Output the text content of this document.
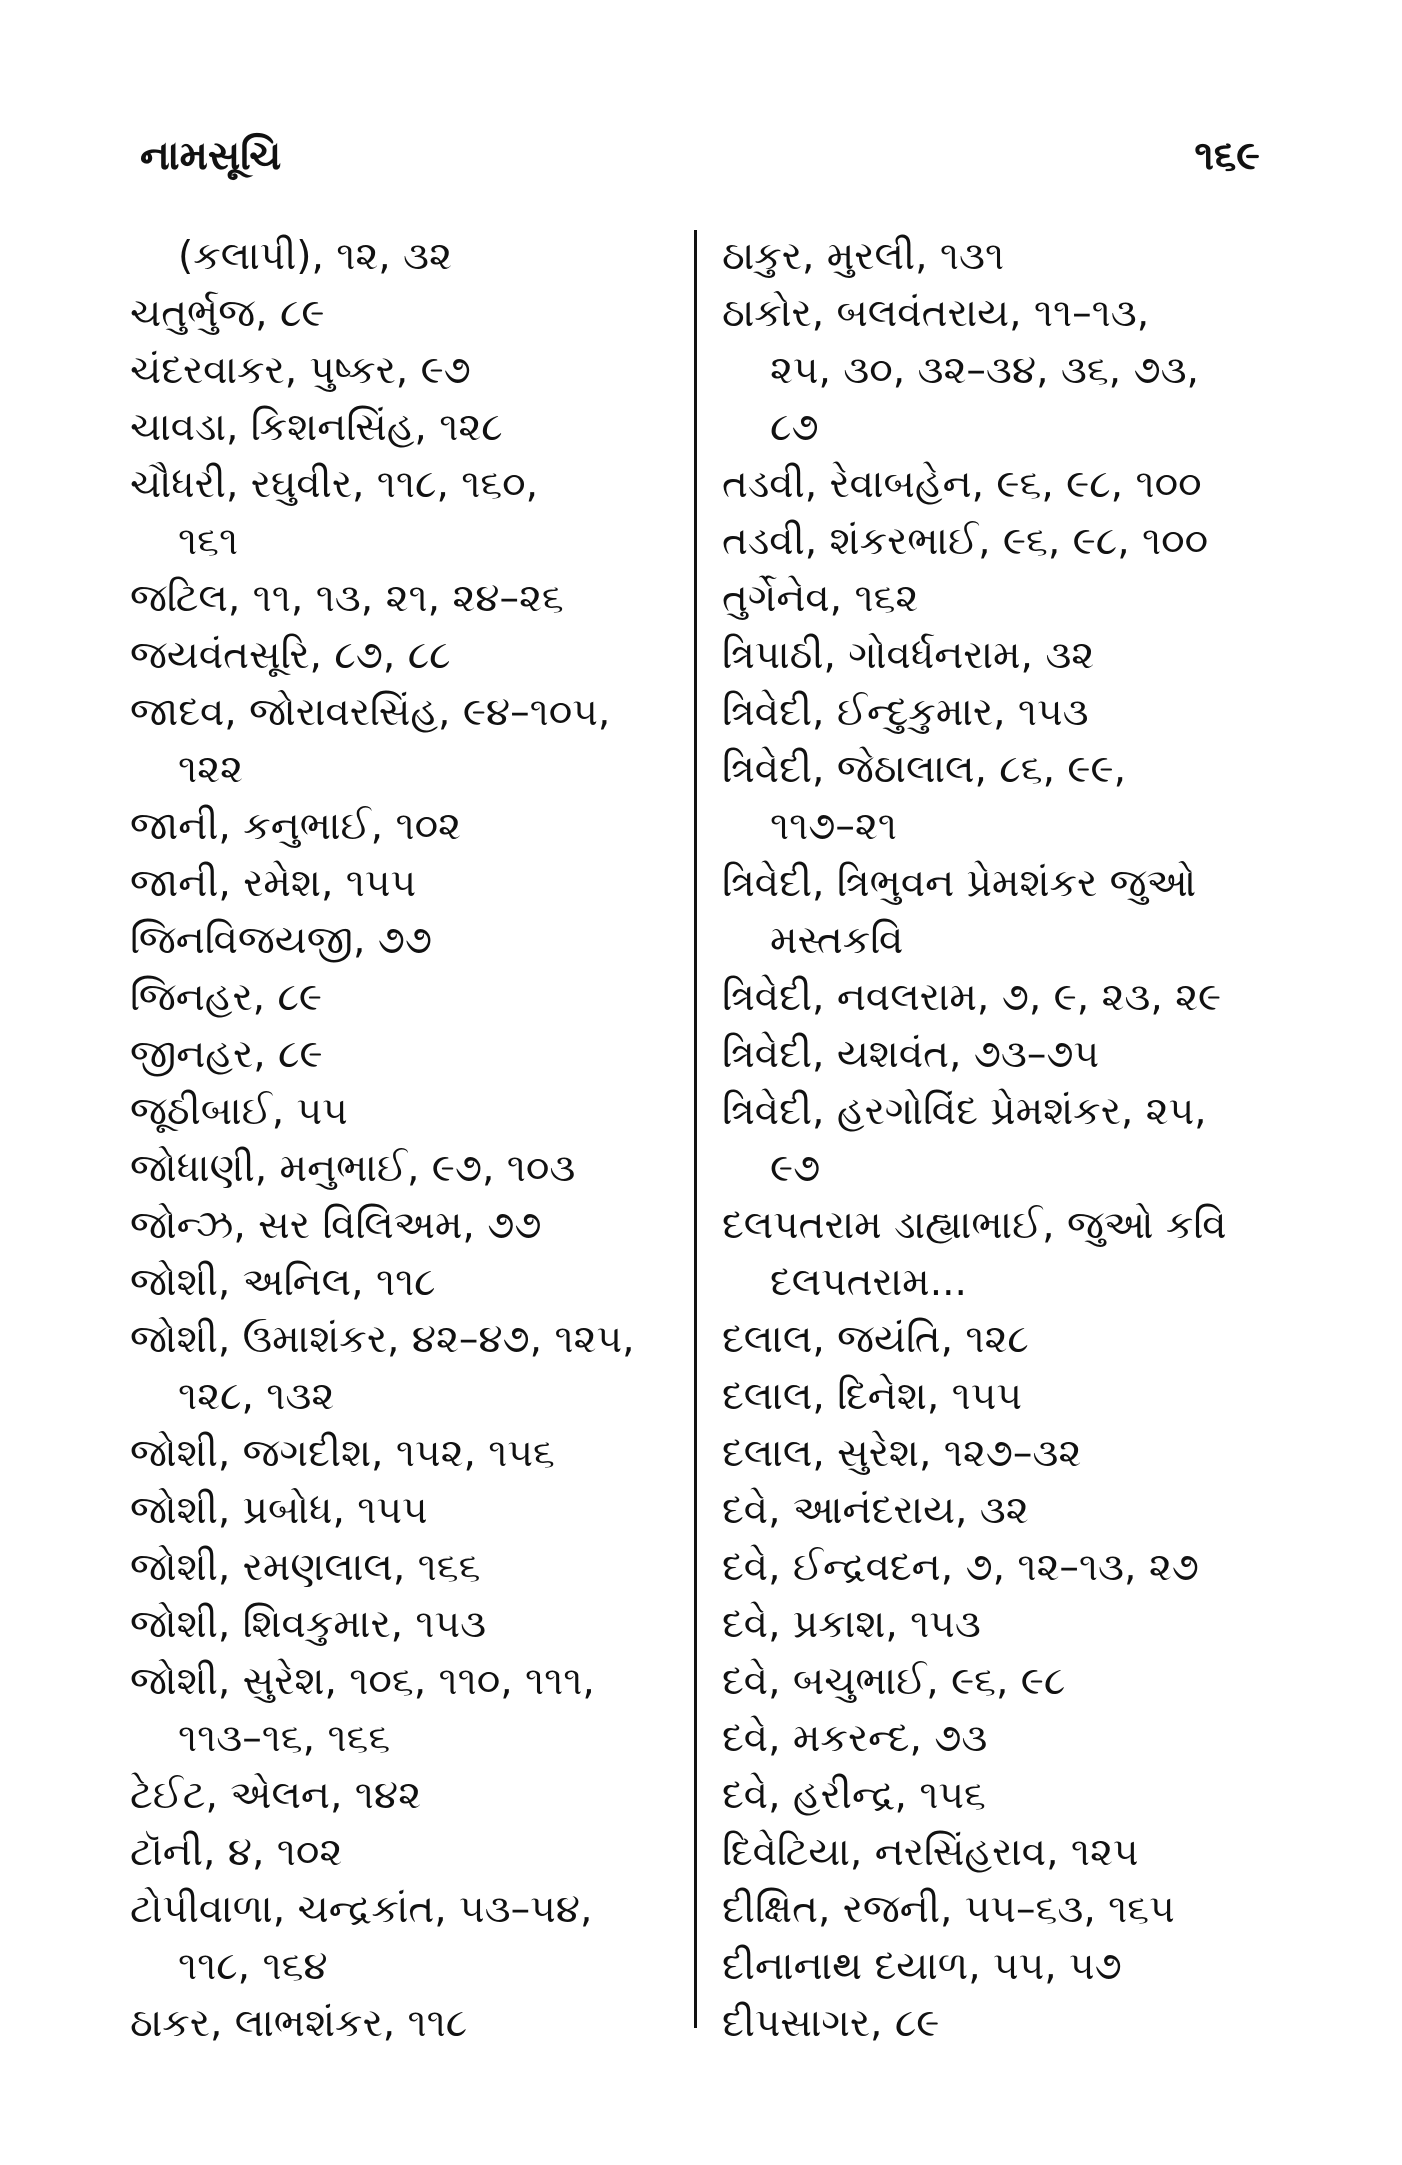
નામસૂચિ	૧૬૯
(કલાપી), ૧૨, ૩૨
ચતુર્ભુજ, ૮૯
ચંદરવાકર, પુષ્કર, ૯૭
ચાવડા, કિશનસિંહ, ૧૨૮
ચૌધરી, રઘુવીર, ૧૧૮, ૧૬૦,
૧૬૧
જટિલ, ૧૧, ૧૩, ૨૧, ૨૪–૨૬
જયવંતસૂરિ, ૮૭, ૮૮
જાદવ, જોરાવરસિંહ, ૯૪–૧૦૫,
૧૨૨
જાની, કનુભાઈ, ૧૦૨
જાની, રમેશ, ૧૫૫
જિનવિજયજી, ૭૭
જિનહર, ૮૯
જીનહર, ૮૯
જૂઠીબાઈ, ૫૫
જોધાણી, મનુભાઈ, ૯૭, ૧૦૩
જોન્ઝ, સર વિલિઅમ, ૭૭
જોશી, અનિલ, ૧૧૮
જોશી, ઉમાશંકર, ૪૨–૪૭, ૧૨૫,
૧૨૮, ૧૩૨
જોશી, જગદીશ, ૧૫૨, ૧૫૬
જોશી, પ્રબોધ, ૧૫૫
જોશી, રમણલાલ, ૧૬૬
જોશી, શિવકુમાર, ૧૫૩
જોશી, સુરેશ, ૧૦૬, ૧૧૦, ૧૧૧,
૧૧૩–૧૬, ૧૬૬
ટેઈટ, એલન, ૧૪૨
ટૉની, ૪, ૧૦૨
ટોપીવાળા, ચન્દ્રકાંત, ૫૩–૫૪,
૧૧૮, ૧૬૪
ઠાકર, લાભશંકર, ૧૧૮
ઠાકુર, મુરલી, ૧૩૧
ઠાકોર, બલવંતરાય, ૧૧–૧૩,
૨૫, ૩૦, ૩૨–૩૪, ૩૬, ૭૩,
૮૭
તડવી, રેવાબહેન, ૯૬, ૯૮, ૧૦૦
તડવી, શંકરભાઈ, ૯૬, ૯૮, ૧૦૦
તુર્ગેનેવ, ૧૬૨
ત્રિપાઠી, ગોવર્ધનરામ, ૩૨
ત્રિવેદી, ઈન્દુકુમાર, ૧૫૩
ત્રિવેદી, જેઠાલાલ, ૮૬, ૯૯,
૧૧૭–૨૧
ત્રિવેદી, ત્રિભુવન પ્રેમશંકર જુઓ
મસ્તકવિ
ત્રિવેદી, નવલરામ, ૭, ૯, ૨૩, ૨૯
ત્રિવેદી, યશવંત, ૭૩–૭૫
ત્રિવેદી, હરગોવિંદ પ્રેમશંકર, ૨૫,
૯૭
દલપતરામ ડાહ્યાભાઈ, જુઓ કવિ
દલપતરામ...
દલાલ, જયંતિ, ૧૨૮
દલાલ, દિનેશ, ૧૫૫
દલાલ, સુરેશ, ૧૨૭–૩૨
દવે, આનંદરાય, ૩૨
દવે, ઈન્દ્રવદન, ૭, ૧૨–૧૩, ૨૭
દવે, પ્રકાશ, ૧૫૩
દવે, બચુભાઈ, ૯૬, ૯૮
દવે, મકરન્દ, ૭૩
દવે, હરીન્દ્ર, ૧૫૬
દિવેટિયા, નરસિંહરાવ, ૧૨૫
દીક્ષિત, રજની, ૫૫–૬૩, ૧૬૫
દીનાનાથ દયાળ, ૫૫, ૫૭
દીપસાગર, ૮૯
